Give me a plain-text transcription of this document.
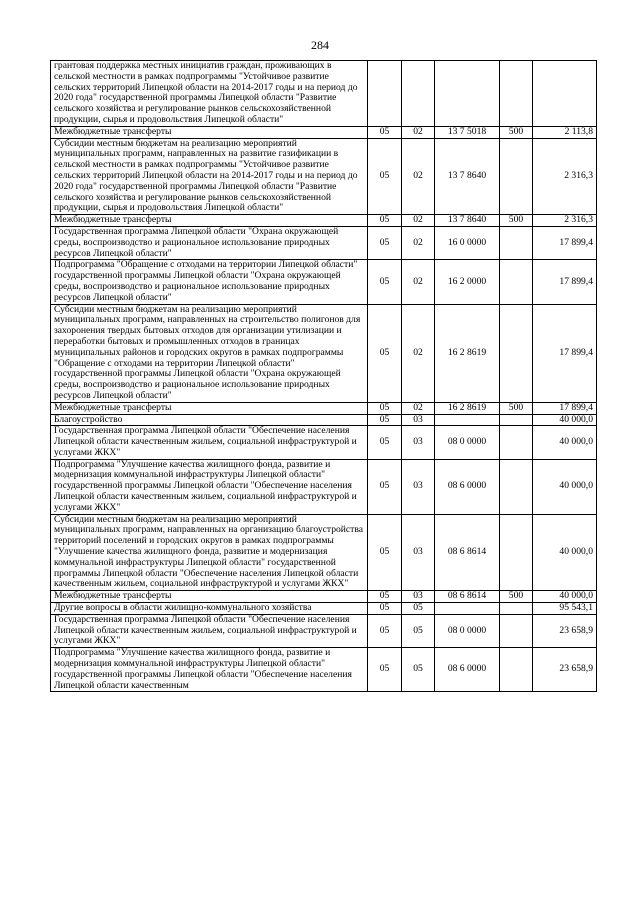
284
грантовая поддержка местных инициатив граждан, проживающих в сельской местности в рамках подпрограммы "Устойчивое развитие сельских территорий Липецкой области на 2014-2017 годы и на период до 2020 года" государственной программы Липецкой области "Развитие сельского хозяйства и регулирование рынков сельскохозяйственной продукции, сырья и продовольствия Липецкой области"					
Межбюджетные трансферты	05	02	13 7 5018	500	2 113,8
Субсидии местным бюджетам на реализацию мероприятий муниципальных программ, направленных на развитие газификации в сельской местности в рамках подпрограммы "Устойчивое развитие сельских территорий Липецкой области на 2014-2017 годы и на период до 2020 года" государственной программы Липецкой области "Развитие сельского хозяйства и регулирование рынков сельскохозяйственной продукции, сырья и продовольствия Липецкой области"	05	02	13 7 8640		2 316,3
Межбюджетные трансферты	05	02	13 7 8640	500	2 316,3
Государственная программа Липецкой области "Охрана окружающей среды, воспроизводство и рациональное использование природных ресурсов Липецкой области"	05	02	16 0 0000		17 899,4
Подпрограмма "Обращение с отходами на территории Липецкой области" государственной программы Липецкой области "Охрана окружающей среды, воспроизводство и рациональное использование природных ресурсов Липецкой области"	05	02	16 2 0000		17 899,4
Субсидии местным бюджетам на реализацию мероприятий муниципальных программ, направленных на строительство полигонов для захоронения твердых бытовых отходов для организации утилизации и переработки бытовых и промышленных отходов в границах муниципальных районов и городских округов в рамках подпрограммы "Обращение с отходами на территории Липецкой области" государственной программы Липецкой области "Охрана окружающей среды, воспроизводство и рациональное использование природных ресурсов Липецкой области"	05	02	16 2 8619		17 899,4
Межбюджетные трансферты	05	02	16 2 8619	500	17 899,4
Благоустройство	05	03			40 000,0
Государственная программа Липецкой области "Обеспечение населения Липецкой области качественным жильем, социальной инфраструктурой и услугами ЖКХ"	05	03	08 0 0000		40 000,0
Подпрограмма "Улучшение качества жилищного фонда, развитие и модернизация коммунальной инфраструктуры Липецкой области" государственной программы Липецкой области "Обеспечение населения Липецкой области качественным жильем, социальной инфраструктурой и услугами ЖКХ"	05	03	08 6 0000		40 000,0
Субсидии местным бюджетам на реализацию мероприятий муниципальных программ, направленных на организацию благоустройства территорий поселений и городских округов в рамках подпрограммы "Улучшение качества жилищного фонда, развитие и модернизация коммунальной инфраструктуры Липецкой области" государственной программы Липецкой области "Обеспечение населения Липецкой области качественным жильем, социальной инфраструктурой и услугами ЖКХ"	05	03	08 6 8614		40 000,0
Межбюджетные трансферты	05	03	08 6 8614	500	40 000,0
Другие вопросы в области жилищно-коммунального хозяйства	05	05			95 543,1
Государственная программа Липецкой области "Обеспечение населения Липецкой области качественным жильем, социальной инфраструктурой и услугами ЖКХ"	05	05	08 0 0000		23 658,9
Подпрограмма "Улучшение качества жилищного фонда, развитие и модернизация коммунальной инфраструктуры Липецкой области" государственной программы Липецкой области "Обеспечение населения Липецкой области качественным	05	05	08 6 0000		23 658,9
